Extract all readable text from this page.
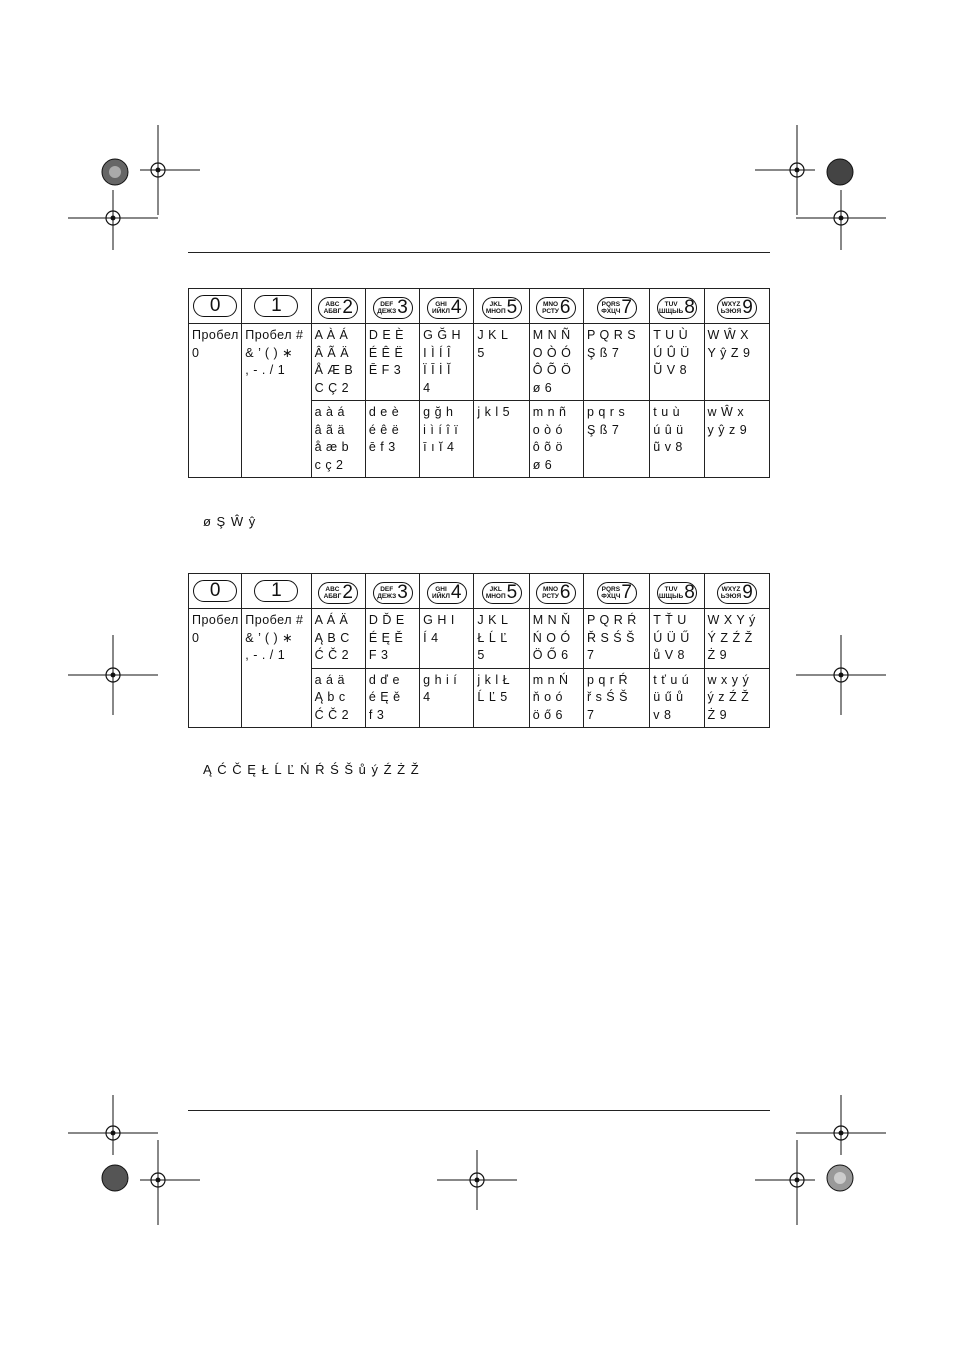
0	1	ABC
АБВГ 2	DEF
ДЕЖЗ 3	GHI
ИЙКЛ 4	JKL
МНОП 5	MNO
РСТУ 6	PQRS
ФХЦЧ 7	TUV
ШЩЫЬ 8	WXYZ
ЬЭЮЯ 9

Пробел
0	Пробел #
& ’ ( ) ∗
, - . / 1	A À Á
Â Ã Ä
Å Æ B
C Ç 2	D E È
É Ê Ë
Ē F 3	G Ğ H
I Ì Í Î
Ï Ī İ Ĭ
4	J K L
5	M N Ñ
O Ò Ó
Ô Õ Ö
ø 6	P Q R S
Ş ß 7	T U Ù
Ú Û Ü
Ũ V 8	W Ŵ X
Y ŷ Z 9
		a à á
â ã ä
å æ b
c ç 2	d e è
é ê ë
ē f 3	g ğ h
i ì í î ï
ī ı ĭ 4	j k l 5	m n ñ
o ò ó
ô õ ö
ø 6	p q r s
Ş ß 7	t u ù
ú û ü
ũ v 8	w Ŵ x
y ŷ z 9
ø Ş Ŵ ŷ
0	1	ABC
АБВГ 2	DEF
ДЕЖЗ 3	GHI
ИЙКЛ 4	JKL
МНОП 5	MNO
РСТУ 6	PQRS
ФХЦЧ 7	TUV
ШЩЫЬ 8	WXYZ
ЬЭЮЯ 9

Пробел
0	Пробел #
& ’ ( ) ∗
, - . / 1	A Á Ä
Ą B C
Ć Č 2	D Ď E
É Ę Ě
F 3	G H I
Í 4	J K L
Ł Ĺ Ľ
5	M N Ň
Ń O Ó
Ö Ő 6	P Q R Ŕ
Ř S Ś Š
7	T Ť U
Ú Ü Ű
ů V 8	W X Y ý
Ý Z Ź Ž
Ż 9
		a á ä
Ą b c
Ć Č 2	d ď e
é Ę ě
f 3	g h i í
4	j k l Ł
Ĺ Ľ 5	m n Ń
ň o ó
ö ő 6	p q r Ŕ
ř s Ś Š
7	t ť u ú
ü ű ů
v 8	w x y ý
ý z Ź Ž
Ż 9
Ą Ć Č Ę Ł Ĺ Ľ Ń Ŕ Ś Š ů ý Ź Ż Ž
